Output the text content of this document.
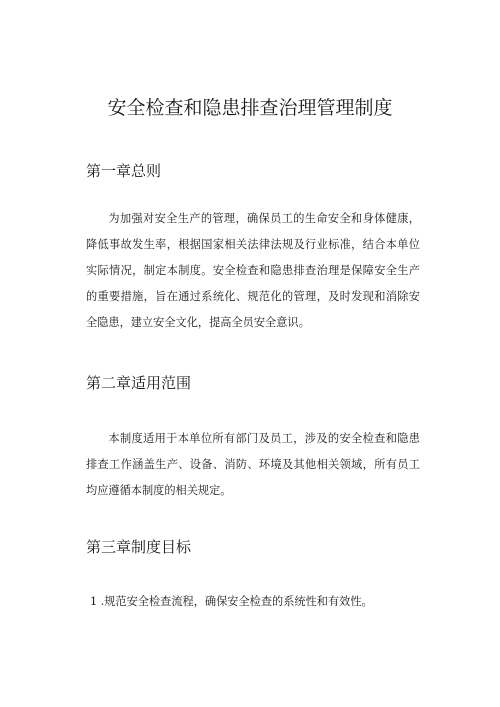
安全检查和隐患排查治理管理制度
第一章总则

为加强对安全生产的管理，确保员工的生命安全和身体健康，降低事故发生率，根据国家相关法律法规及行业标准，结合本单位实际情况，制定本制度。安全检查和隐患排查治理是保障安全生产的重要措施，旨在通过系统化、规范化的管理，及时发现和消除安全隐患，建立安全文化，提高全员安全意识。

第二章适用范围

本制度适用于本单位所有部门及员工，涉及的安全检查和隐患排查工作涵盖生产、设备、消防、环境及其他相关领域，所有员工均应遵循本制度的相关规定。

第三章制度目标

1 .规范安全检查流程，确保安全检查的系统性和有效性。
